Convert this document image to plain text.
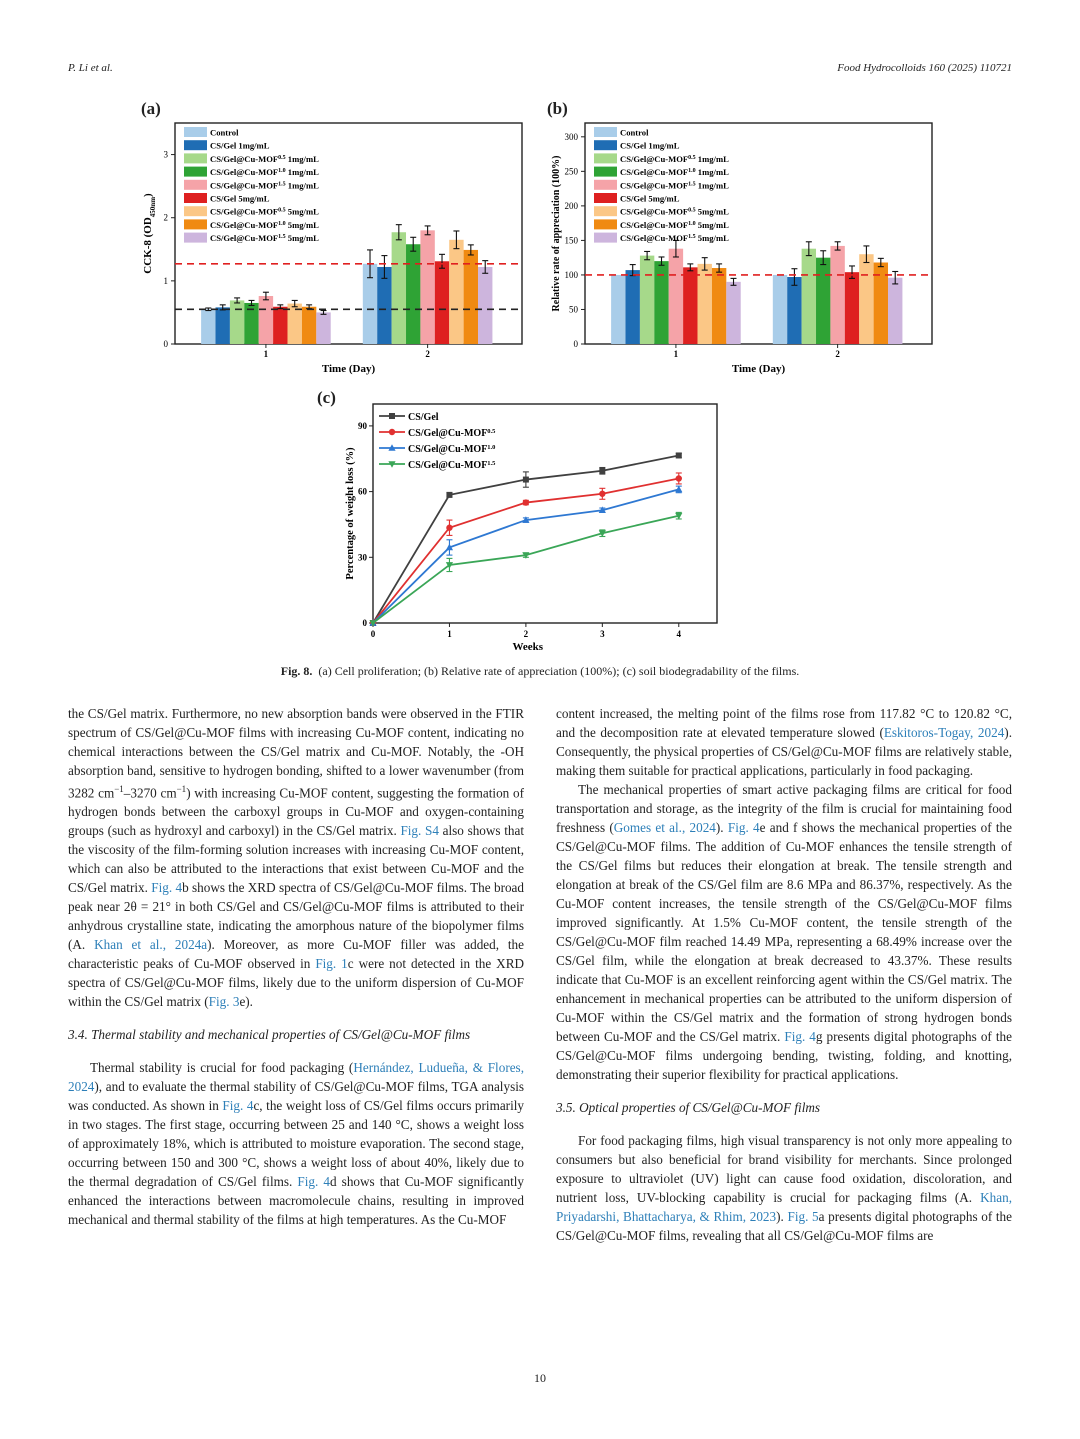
P. Li et al.	Food Hydrocolloids 160 (2025) 110721
(a)	(b)
(c)
0
1
2
3
1	2
Control
CS/Gel 1mg/mL
$CS/Gel@Cu-MOF^{0.5}$ 1mg/mL
$CS/Gel@Cu-MOF^{1.0}$ 1mg/mL
$CS/Gel@Cu-MOF^{1.5}$ 1mg/mL
CS/Gel 5mg/mL
$CS/Gel@Cu-MOF^{0.5}$ 5mg/mL
$CS/Gel@Cu-MOF^{1.0}$ 5mg/mL
$CS/Gel@Cu-MOF^{1.5}$ 5mg/mL
Time (Day)
CCK-8 $(OD_{450nm})$
0
50
100
150
200
250
300
1	2
Control
CS/Gel 1mg/mL
$CS/Gel@Cu-MOF^{0.5}$ 1mg/mL
$CS/Gel@Cu-MOF^{1.0}$ 1mg/mL
$CS/Gel@Cu-MOF^{1.5}$ 1mg/mL
CS/Gel 5mg/mL
$CS/Gel@Cu-MOF^{0.5}$ 5mg/mL
$CS/Gel@Cu-MOF^{1.0}$ 5mg/mL
$CS/Gel@Cu-MOF^{1.5}$ 5mg/mL
Time (Day)
Relative rate of appreciation (100%)
0
30
60
90
0	1	2	3	4
CS/Gel
$CS/Gel@Cu-MOF^{0.5}$
$CS/Gel@Cu-MOF^{1.0}$
$CS/Gel@Cu-MOF^{1.5}$
Weeks
Percentage of weight loss (%)
Fig. 8. (a) Cell proliferation; (b) Relative rate of appreciation (100%); (c) soil biodegradability of the films.

the CS/Gel matrix. Furthermore, no new absorption bands were observed in the FTIR spectrum of CS/Gel@Cu-MOF films with increasing Cu-MOF content, indicating no chemical interactions between the CS/Gel matrix and Cu-MOF. Notably, the -OH absorption band, sensitive to hydrogen bonding, shifted to a lower wavenumber (from 3282 $cm^{-1}-3270$ $cm^{-1}$) with increasing Cu-MOF content, suggesting the formation of hydrogen bonds between the carboxyl groups in Cu-MOF and oxygen-containing groups (such as hydroxyl and carboxyl) in the CS/Gel matrix. Fig. S4 also shows that the viscosity of the film-forming solution increases with increasing Cu-MOF content, which can also be attributed to the interactions that exist between Cu-MOF and the CS/Gel matrix. Fig. 4b shows the XRD spectra of CS/Gel@Cu-MOF films. The broad peak near 2θ = 21° in both CS/Gel and CS/Gel@Cu-MOF films is attributed to their anhydrous crystalline state, indicating the amorphous nature of the biopolymer films (A. Khan et al., 2024a). Moreover, as more Cu-MOF filler was added, the characteristic peaks of Cu-MOF observed in Fig. 1c were not detected in the XRD spectra of CS/Gel@Cu-MOF films, likely due to the uniform dispersion of Cu-MOF within the CS/Gel matrix (Fig. 3e).

3.4. Thermal stability and mechanical properties of CS/Gel@Cu-MOF films

Thermal stability is crucial for food packaging (Hernández, Ludueña, & Flores, 2024), and to evaluate the thermal stability of CS/Gel@Cu-MOF films, TGA analysis was conducted. As shown in Fig. 4c, the weight loss of CS/Gel films occurs primarily in two stages. The first stage, occurring between 25 and 140 °C, shows a weight loss of approximately 18%, which is attributed to moisture evaporation. The second stage, occurring between 150 and 300 °C, shows a weight loss of about 40%, likely due to the thermal degradation of CS/Gel films. Fig. 4d shows that Cu-MOF significantly enhanced the interactions between macromolecule chains, resulting in improved mechanical and thermal stability of the films at high temperatures. As the Cu-MOF

content increased, the melting point of the films rose from 117.82 °C to 120.82 °C, and the decomposition rate at elevated temperature slowed (Eskitoros-Togay, 2024). Consequently, the physical properties of CS/Gel@Cu-MOF films are relatively stable, making them suitable for practical applications, particularly in food packaging.

The mechanical properties of smart active packaging films are critical for food transportation and storage, as the integrity of the film is crucial for maintaining food freshness (Gomes et al., 2024). Fig. 4e and f shows the mechanical properties of the CS/Gel@Cu-MOF films. The addition of Cu-MOF enhances the tensile strength of the CS/Gel films but reduces their elongation at break. The tensile strength and elongation at break of the CS/Gel film are 8.6 MPa and 86.37%, respectively. As the Cu-MOF content increases, the tensile strength of the CS/Gel@Cu-MOF films improved significantly. At 1.5% Cu-MOF content, the tensile strength of the CS/Gel@Cu-MOF film reached 14.49 MPa, representing a 68.49% increase over the CS/Gel film, while the elongation at break decreased to 43.37%. These results indicate that Cu-MOF is an excellent reinforcing agent within the CS/Gel matrix. The enhancement in mechanical properties can be attributed to the uniform dispersion of Cu-MOF within the CS/Gel matrix and the formation of strong hydrogen bonds between Cu-MOF and the CS/Gel matrix. Fig. 4g presents digital photographs of the CS/Gel@Cu-MOF films undergoing bending, twisting, folding, and knotting, demonstrating their superior flexibility for practical applications.

3.5. Optical properties of CS/Gel@Cu-MOF films

For food packaging films, high visual transparency is not only more appealing to consumers but also beneficial for brand visibility for merchants. Since prolonged exposure to ultraviolet (UV) light can cause food oxidation, discoloration, and nutrient loss, UV-blocking capability is crucial for packaging films (A. Khan, Priyadarshi, Bhattacharya, & Rhim, 2023). Fig. 5a presents digital photographs of the CS/Gel@Cu-MOF films, revealing that all CS/Gel@Cu-MOF films are

10
